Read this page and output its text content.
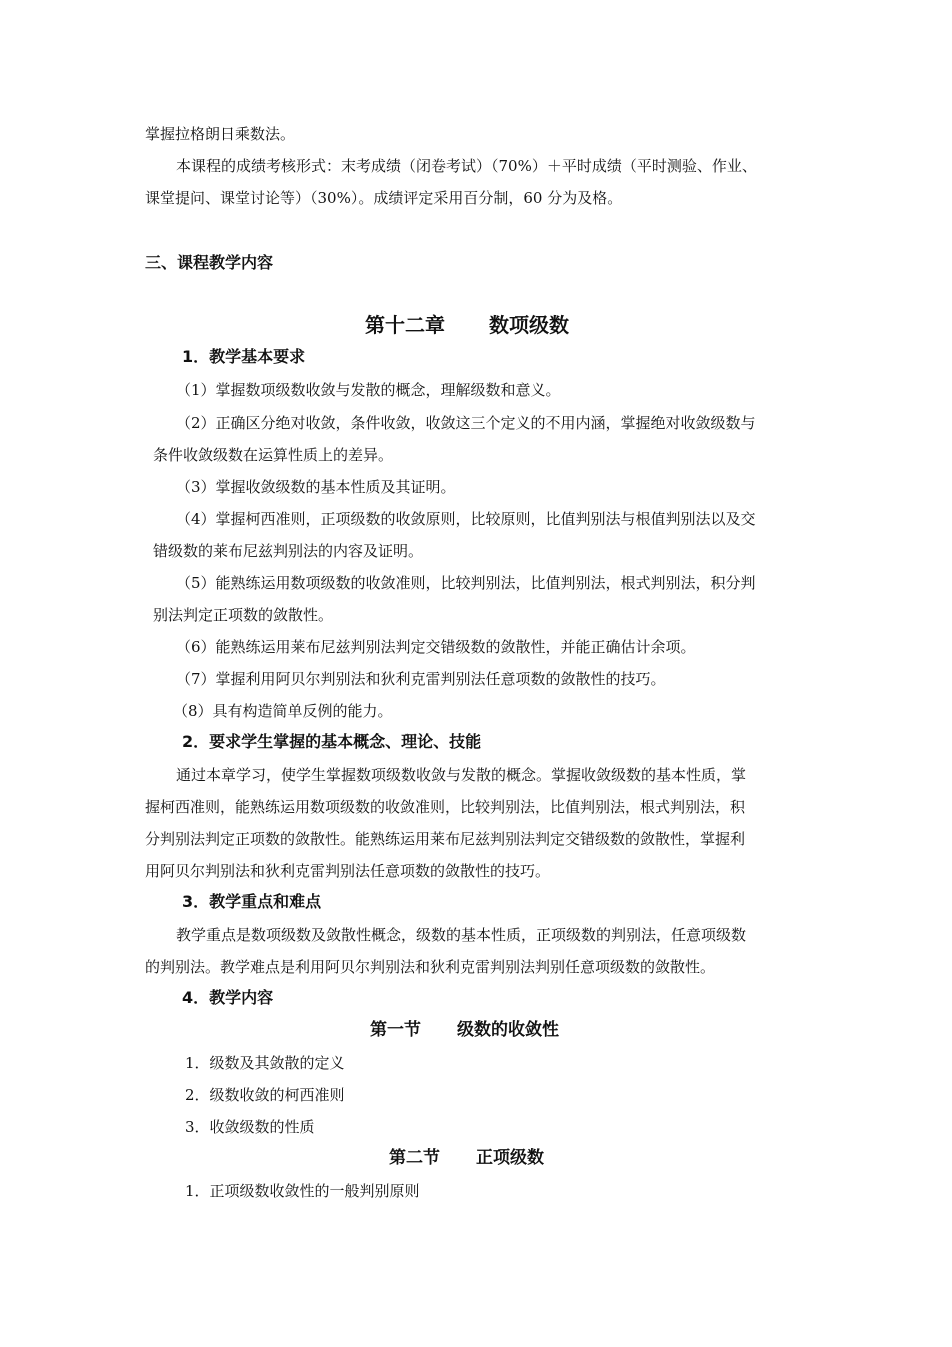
掌握拉格朗日乘数法。
本课程的成绩考核形式：末考成绩（闭卷考试）（70%）＋平时成绩（平时测验、作业、
课堂提问、课堂讨论等）（30%）。成绩评定采用百分制，60 分为及格。
三、课程教学内容
第十二章 数项级数
1．教学基本要求
（1）掌握数项级数收敛与发散的概念，理解级数和意义。
（2）正确区分绝对收敛，条件收敛，收敛这三个定义的不用内涵，掌握绝对收敛级数与
条件收敛级数在运算性质上的差异。
（3）掌握收敛级数的基本性质及其证明。
（4）掌握柯西准则，正项级数的收敛原则，比较原则，比值判别法与根值判别法以及交
错级数的莱布尼兹判别法的内容及证明。
（5）能熟练运用数项级数的收敛准则，比较判别法，比值判别法，根式判别法，积分判
别法判定正项数的敛散性。
（6）能熟练运用莱布尼兹判别法判定交错级数的敛散性，并能正确估计余项。
（7）掌握利用阿贝尔判别法和狄利克雷判别法任意项数的敛散性的技巧。
（8）具有构造简单反例的能力。
2．要求学生掌握的基本概念、理论、技能
通过本章学习，使学生掌握数项级数收敛与发散的概念。掌握收敛级数的基本性质，掌
握柯西准则，能熟练运用数项级数的收敛准则，比较判别法，比值判别法，根式判别法，积
分判别法判定正项数的敛散性。能熟练运用莱布尼兹判别法判定交错级数的敛散性，掌握利
用阿贝尔判别法和狄利克雷判别法任意项数的敛散性的技巧。
3．教学重点和难点
教学重点是数项级数及敛散性概念，级数的基本性质，正项级数的判别法，任意项级数
的判别法。教学难点是利用阿贝尔判别法和狄利克雷判别法判别任意项级数的敛散性。
4．教学内容
第一节 级数的收敛性
1．级数及其敛散的定义
2．级数收敛的柯西准则
3．收敛级数的性质
第二节 正项级数
1．正项级数收敛性的一般判别原则
